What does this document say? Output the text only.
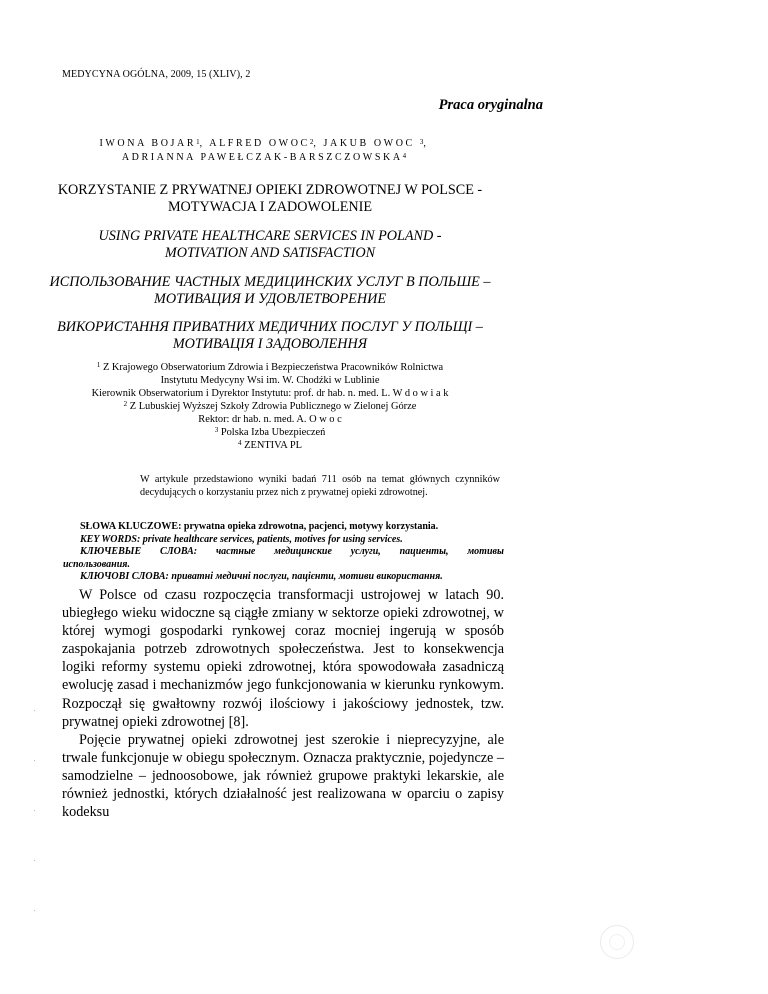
MEDYCYNA OGÓLNA, 2009, 15 (XLIV), 2
Praca oryginalna
IWONA BOJAR$^1$, ALFRED OWOC$^2$, JAKUB OWOC $^3$,
ADRIANNA PAWEŁCZAK-BARSZCZOWSKA$^4$
KORZYSTANIE Z PRYWATNEJ OPIEKI ZDROWOTNEJ W POLSCE -
MOTYWACJA I ZADOWOLENIE
USING PRIVATE HEALTHCARE SERVICES IN POLAND -
MOTIVATION AND SATISFACTION
ИСПОЛЬЗОВАНИЕ ЧАСТНЫХ МЕДИЦИНСКИХ УСЛУГ В ПОЛЬШЕ –
МОТИВАЦИЯ И УДОВЛЕТВОРЕНИЕ
ВИКОРИСТАННЯ ПРИВАТНИХ МЕДИЧНИХ ПОСЛУГ У ПОЛЬЩІ –
МОТИВАЦІЯ І ЗАДОВОЛЕННЯ
$^1$ Z Krajowego Obserwatorium Zdrowia i Bezpieczeństwa Pracowników Rolnictwa
Instytutu Medycyny Wsi im. W. Chodźki w Lublinie
Kierownik Obserwatorium i Dyrektor Instytutu: prof. dr hab. n. med. L. W d o w i a k
$^2$ Z Lubuskiej Wyższej Szkoły Zdrowia Publicznego w Zielonej Górze
Rektor: dr hab. n. med. A. O w o c
$^3$ Polska Izba Ubezpieczeń
$^4$ ZENTIVA PL
W artykule przedstawiono wyniki badań 711 osób na temat głównych czynników decydujących o korzystaniu przez nich z prywatnej opieki zdrowotnej.
SŁOWA KLUCZOWE: prywatna opieka zdrowotna, pacjenci, motywy korzystania.
KEY WORDS: private healthcare services, patients, motives for using services.
КЛЮЧЕВЫЕ СЛОВА: частные медицинские услуги, пациенты, мотивы
использования.
КЛЮЧОВІ СЛОВА: приватні медичні послуги, пацієнти, мотиви використання.

W Polsce od czasu rozpoczęcia transformacji ustrojowej w latach 90. ubiegłego wieku widoczne są ciągłe zmiany w sektorze opieki zdrowotnej, w której wymogi gospodarki rynkowej coraz mocniej ingerują w sposób zaspokajania potrzeb zdrowotnych społeczeństwa. Jest to konsekwencja logiki reformy systemu opieki zdrowotnej, która spowodowała zasadniczą ewolucję zasad i mechanizmów jego funkcjonowania w kierunku rynkowym. Rozpoczął się gwałtowny rozwój ilościowy i jakościowy jednostek, tzw. prywatnej opieki zdrowotnej [8].

Pojęcie prywatnej opieki zdrowotnej jest szerokie i nieprecyzyjne, ale trwale funkcjonuje w obiegu społecznym. Oznacza praktycznie, pojedyncze – samodzielne – jednoosobowe, jak również grupowe praktyki lekarskie, ale również jednostki, których działalność jest realizowana w oparciu o zapisy kodeksu
